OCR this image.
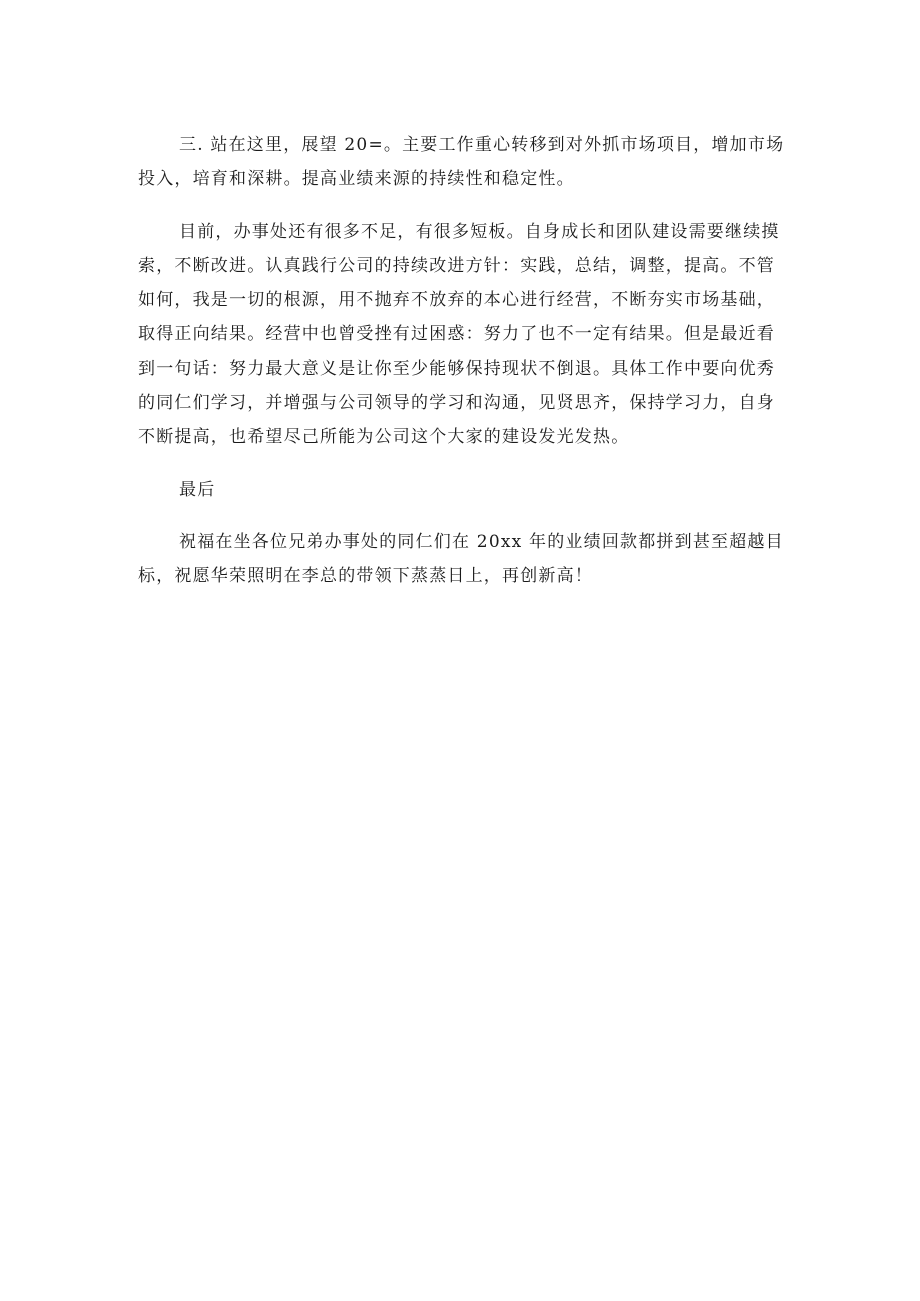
三. 站在这里，展望 20=。主要工作重心转移到对外抓市场项目，增加市场
投入，培育和深耕。提高业绩来源的持续性和稳定性。

目前，办事处还有很多不足，有很多短板。自身成长和团队建设需要继续摸
索，不断改进。认真践行公司的持续改进方针：实践，总结，调整，提高。不管
如何，我是一切的根源，用不抛弃不放弃的本心进行经营，不断夯实市场基础，
取得正向结果。经营中也曾受挫有过困惑：努力了也不一定有结果。但是最近看
到一句话：努力最大意义是让你至少能够保持现状不倒退。具体工作中要向优秀
的同仁们学习，并增强与公司领导的学习和沟通，见贤思齐，保持学习力，自身
不断提高，也希望尽己所能为公司这个大家的建设发光发热。

最后

祝福在坐各位兄弟办事处的同仁们在 20xx 年的业绩回款都拼到甚至超越目
标，祝愿华荣照明在李总的带领下蒸蒸日上，再创新高！
